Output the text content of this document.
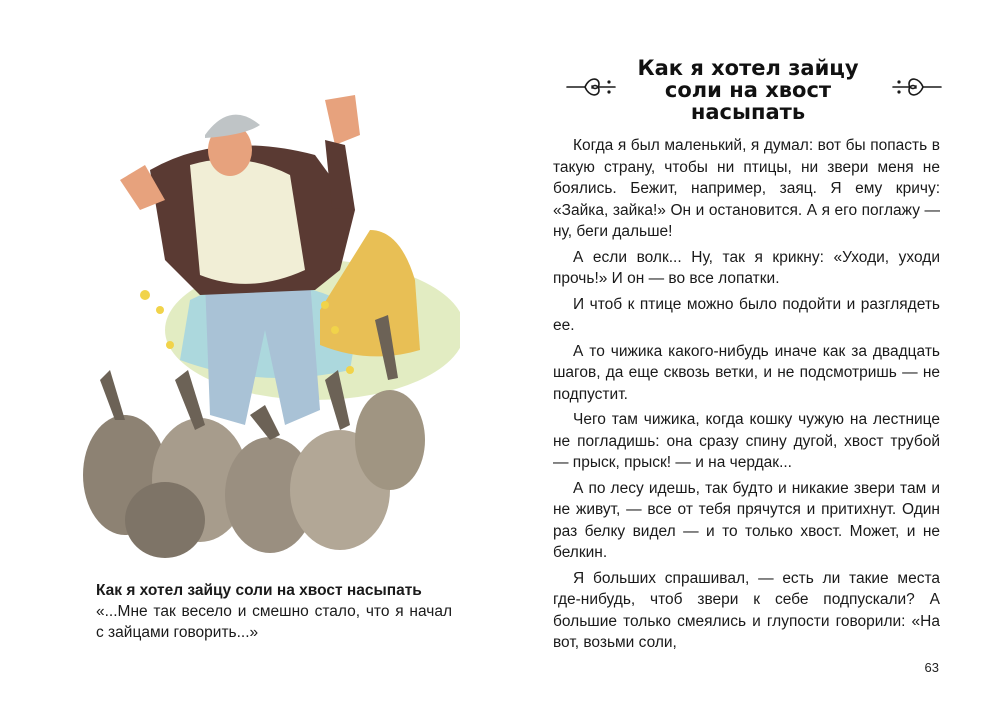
Как я хотел зайцу соли на хвост насыпать

«...Мне так весело и смешно стало, что я начал с зайцами говорить...»

Как я хотел зайцу соли на хвост насыпать

Когда я был маленький, я думал: вот бы попасть в такую страну, чтобы ни птицы, ни звери меня не боялись. Бежит, например, заяц. Я ему кричу: «Зайка, зайка!» Он и остановится. А я его поглажу — ну, беги дальше!

А если волк... Ну, так я крикну: «Уходи, уходи прочь!» И он — во все лопатки.

И чтоб к птице можно было подойти и разглядеть ее.

А то чижика какого-нибудь иначе как за двадцать шагов, да еще сквозь ветки, и не подсмотришь — не подпустит.

Чего там чижика, когда кошку чужую на лестнице не погладишь: она сразу спину дугой, хвост трубой — прыск, прыск! — и на чердак...

А по лесу идешь, так будто и никакие звери там и не живут, — все от тебя прячутся и притихнут. Один раз белку видел — и то только хвост. Может, и не белкин.

Я больших спрашивал, — есть ли такие места где-нибудь, чтоб звери к себе подпускали? А большие только смеялись и глупости говорили: «На вот, возьми соли,

63
